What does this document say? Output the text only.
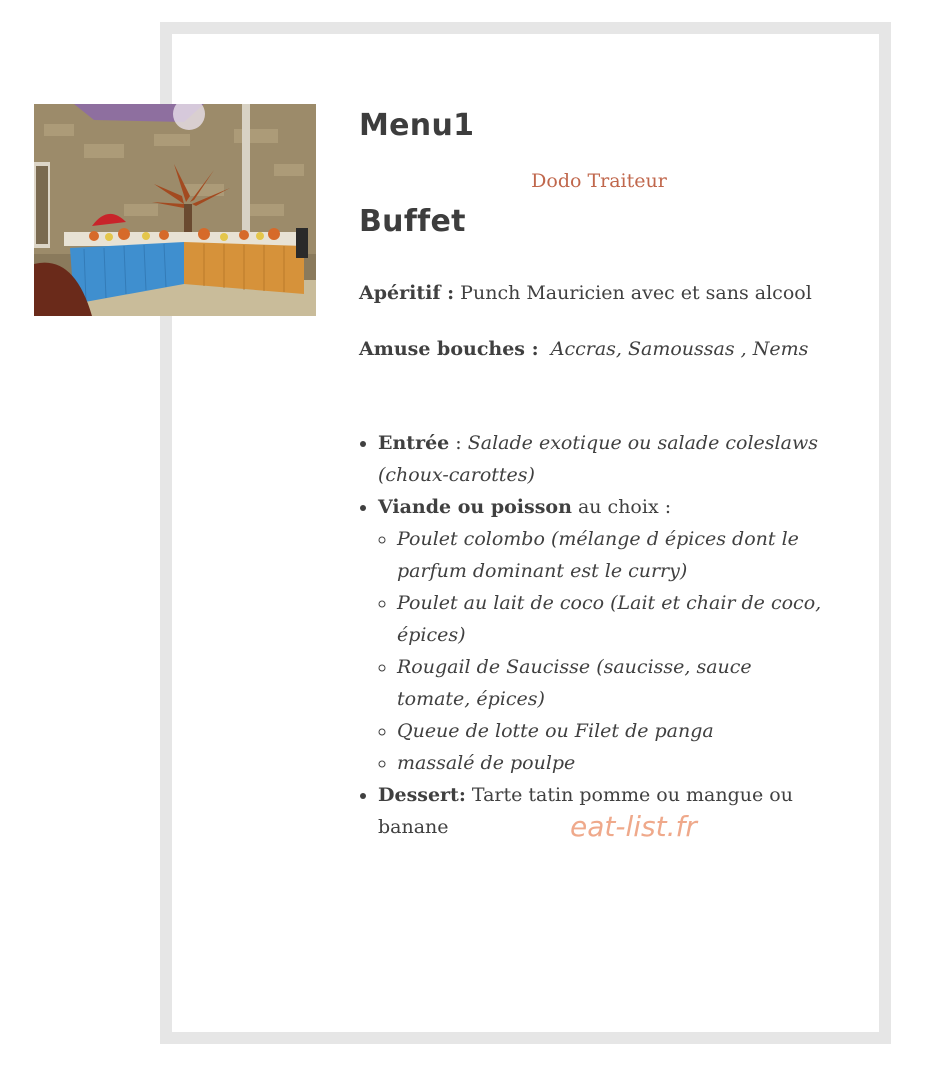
Menu1

Dodo Traiteur

Buffet

Apéritif : Punch Mauricien avec et sans alcool

Amuse bouches : Accras, Samoussas , Nems

• Entrée : Salade exotique ou salade coleslaws (choux-carottes)
• Viande ou poisson au choix :
◦ Poulet colombo (mélange d épices dont le parfum dominant est le curry)
◦ Poulet au lait de coco (Lait et chair de coco, épices)
◦ Rougail de Saucisse (saucisse, sauce tomate, épices)
◦ Queue de lotte ou Filet de panga
◦ massalé de poulpe
• Dessert: Tarte tatin pomme ou mangue ou banane	eat-list.fr
